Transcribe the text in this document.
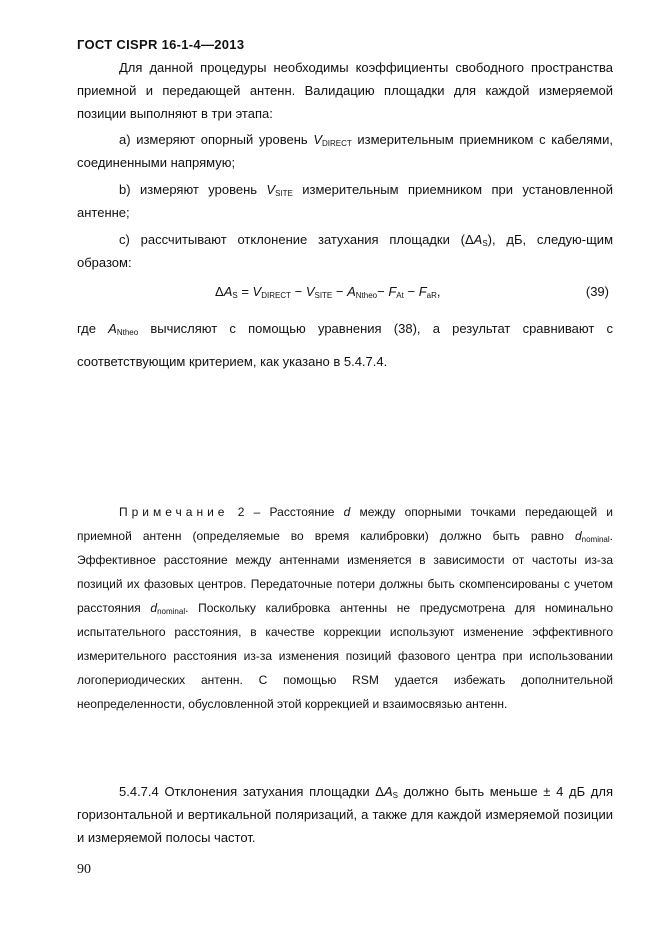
ГОСТ CISPR 16-1-4—2013
Для данной процедуры необходимы коэффициенты свободного пространства приемной и передающей антенн. Валидацию площадки для каждой измеряемой позиции выполняют в три этапа:
а) измеряют опорный уровень $V_{DIRECT}$ измерительным приемником с кабелями, соединенными напрямую;
b) измеряют уровень $V_{SITE}$ измерительным приемником при установленной антенне;
с) рассчитывают отклонение затухания площадки $(\Delta A_S)$, дБ, следую-щим образом:
$\Delta A_S = V_{DIRECT} - V_{SITE} - A_{Ntheo}- F_{At} - F_{aR}$,	(39)
где $A_{Ntheo}$ вычисляют с помощью уравнения (38), а результат сравнивают с соответствующим критерием, как указано в 5.4.7.4.
Примечание 2 – Расстояние d между опорными точками передающей и приемной антенн (определяемые во время калибровки) должно быть равно $d_{nominal}$. Эффективное расстояние между антеннами изменяется в зависимости от частоты из-за позиций их фазовых центров. Передаточные потери должны быть скомпенсированы с учетом расстояния $d_{nominal}$. Поскольку калибровка антенны не предусмотрена для номинально испытательного расстояния, в качестве коррекции используют изменение эффективного измерительного расстояния из-за изменения позиций фазового центра при использовании логопериодических антенн. С помощью RSM удается избежать дополнительной неопределенности, обусловленной этой коррекцией и взаимосвязью антенн.
5.4.7.4 Отклонения затухания площадки $\Delta A_S$ должно быть меньше ± 4 дБ для горизонтальной и вертикальной поляризаций, а также для каждой измеряемой позиции и измеряемой полосы частот.
90
